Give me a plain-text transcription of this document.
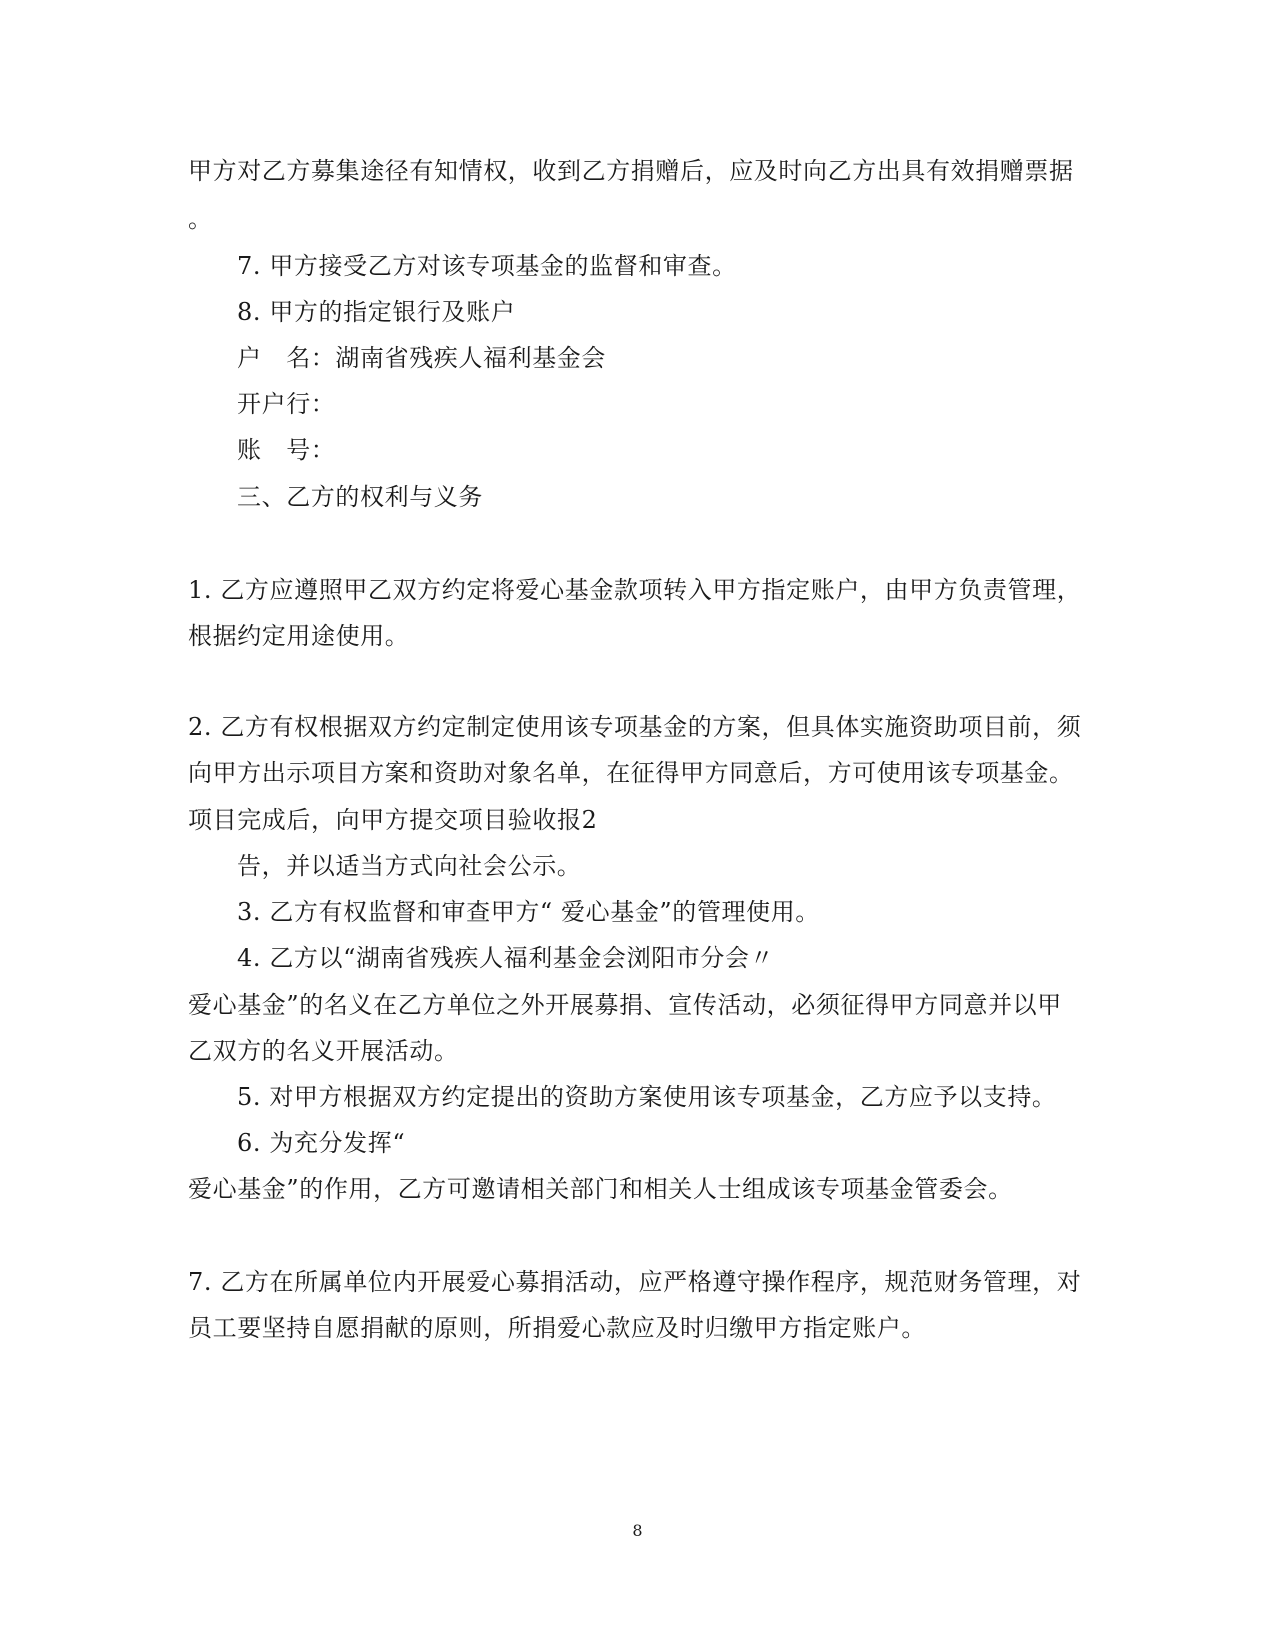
甲方对乙方募集途径有知情权，收到乙方捐赠后，应及时向乙方出具有效捐赠票据
。
7. 甲方接受乙方对该专项基金的监督和审查。
8. 甲方的指定银行及账户
户　名：湖南省残疾人福利基金会
开户行：
账　号：
三、乙方的权利与义务
1. 乙方应遵照甲乙双方约定将爱心基金款项转入甲方指定账户，由甲方负责管理，
根据约定用途使用。
2. 乙方有权根据双方约定制定使用该专项基金的方案，但具体实施资助项目前，须
向甲方出示项目方案和资助对象名单，在征得甲方同意后，方可使用该专项基金。
项目完成后，向甲方提交项目验收报2
告，并以适当方式向社会公示。
3. 乙方有权监督和审查甲方“ 爱心基金”的管理使用。
4. 乙方以“湖南省残疾人福利基金会浏阳市分会〃
爱心基金”的名义在乙方单位之外开展募捐、宣传活动，必须征得甲方同意并以甲
乙双方的名义开展活动。
5. 对甲方根据双方约定提出的资助方案使用该专项基金，乙方应予以支持。
6. 为充分发挥“
爱心基金”的作用，乙方可邀请相关部门和相关人士组成该专项基金管委会。
7. 乙方在所属单位内开展爱心募捐活动，应严格遵守操作程序，规范财务管理，对
员工要坚持自愿捐献的原则，所捐爱心款应及时归缴甲方指定账户。
8
